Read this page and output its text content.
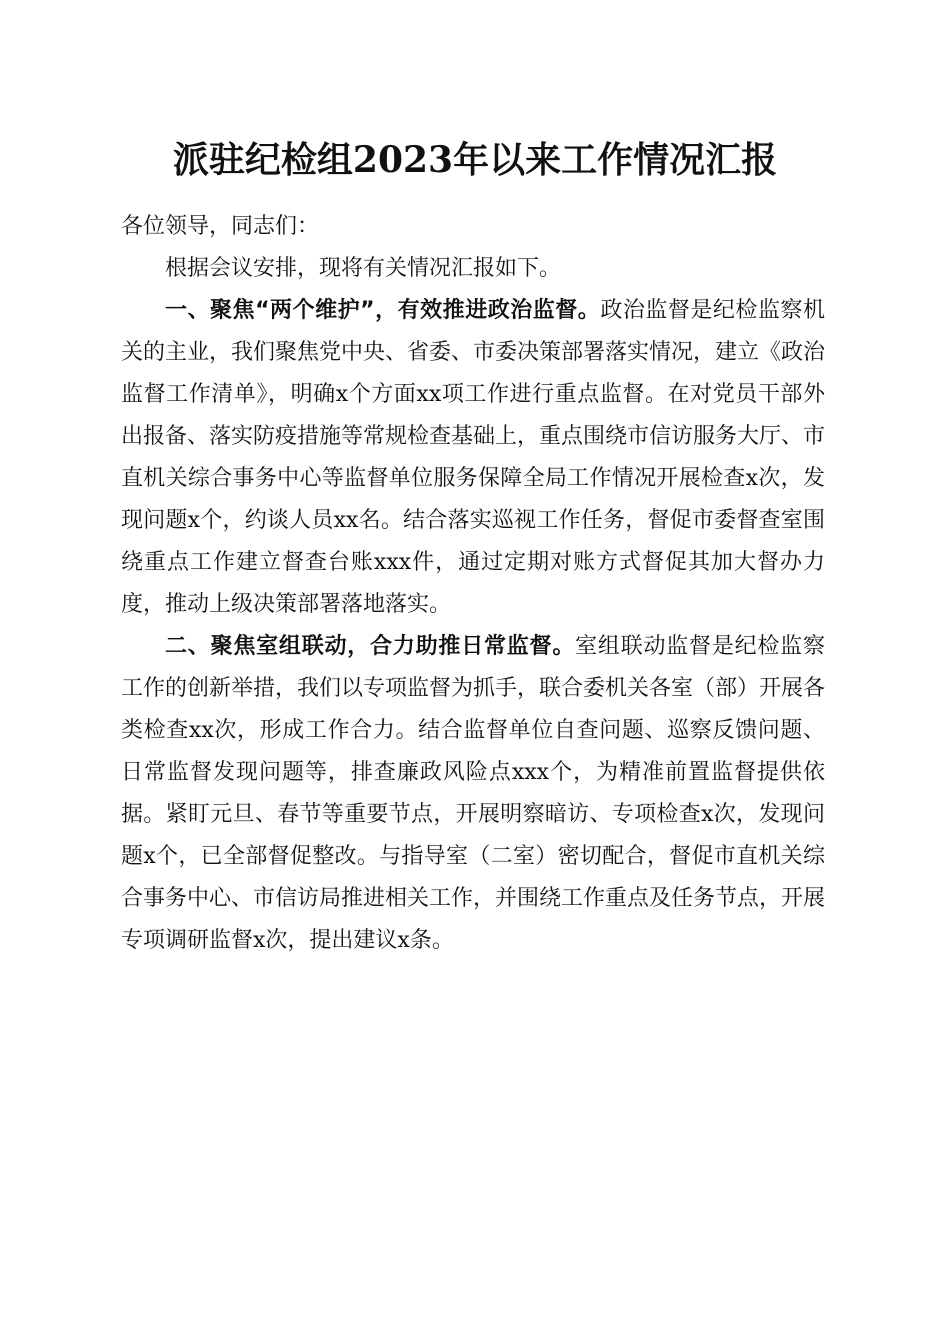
派驻纪检组2023年以来工作情况汇报

各位领导，同志们：

根据会议安排，现将有关情况汇报如下。

一、聚焦“两个维护”，有效推进政治监督。政治监督是纪检监察机关的主业，我们聚焦党中央、省委、市委决策部署落实情况，建立《政治监督工作清单》，明确x个方面xx项工作进行重点监督。在对党员干部外出报备、落实防疫措施等常规检查基础上，重点围绕市信访服务大厅、市直机关综合事务中心等监督单位服务保障全局工作情况开展检查x次，发现问题x个，约谈人员xx名。结合落实巡视工作任务，督促市委督查室围绕重点工作建立督查台账xxx件，通过定期对账方式督促其加大督办力度，推动上级决策部署落地落实。

二、聚焦室组联动，合力助推日常监督。室组联动监督是纪检监察工作的创新举措，我们以专项监督为抓手，联合委机关各室（部）开展各类检查xx次，形成工作合力。结合监督单位自查问题、巡察反馈问题、日常监督发现问题等，排查廉政风险点xxx个，为精准前置监督提供依据。紧盯元旦、春节等重要节点，开展明察暗访、专项检查x次，发现问题x个，已全部督促整改。与指导室（二室）密切配合，督促市直机关综合事务中心、市信访局推进相关工作，并围绕工作重点及任务节点，开展专项调研监督x次，提出建议x条。
